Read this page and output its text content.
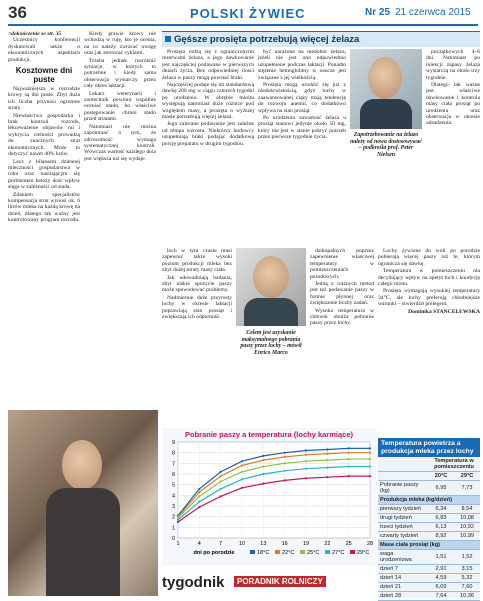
36	POLSKI ŻYWIEC	Nr 25 21 czerwca 2015
>dokończenie ze str. 35

Uczestnicy konferencji dyskutowali także o ekonomicznych aspektach produkcji.

Kosztowne dni puste

Najważniejsza w rozrodzie krowy są dni puste. Zbyt duża ich liczba przynosi ogromne straty.

Niewłaściwa gospodarka i brak kontroli rozrodu, lekceważenie objawów rui i wykrycia cielności prowadzą do znacznych strat ekonomicznych. Może to dotyczyć nawet 40% krów.

Lecz z bilansem dziennej mleczności gospodarstwa w roku oraz nasilającym się problemem ketozy dość wpływ sięga w zależności od stada.

Zdaniem specjalistów kompensacja strat wynosi ok. 6 litrów mleka na każdą krowę na dzień, dlatego tak ważny jest kontrolowany program rozrodu.

Kiedy prawie krowy nie wchodzą w ruję, kto je ocenia, na co należy zwracać uwagę oraz jak sterować cyklami.

Trzeba jednak rozróżnić sytuacje, w których to potrzebne i kiedy sama obserwacja wystarczy przez cały okres laktacji.

Lekarz weterynarii i zootechnik powinni wspólnie oceniać stado, bo właściwe postępowanie chroni stado przed stratami.

Natomiast nie można zapominać o tym, że zdrowotność wymaga systematycznej kontroli. Wówczas wartość każdego dnia jest większa niż się wydaje.

Gęśsze prosięta potrzebują więcej żelaza

Prosięta rodzą się z ograniczonymi rezerwami żelaza, a jego dawkowanie jest najczęściej podawane w pierwszych dniach życia. Bez odpowiedniej ilości żelaza w paszy mogą powstać braki.

Najczęściej podaje się im standardową dawkę 200 mg w ciągu czterech tygodni po urodzeniu. W obrębie mioitu występują natomiast duże różnice pod względem masy, a prosięta o wyższej masie potrzebują więcej żelaza.

Jego zalecane podawanie jest zależne od tempa wzrostu. Niektórzy hodowcy uzupełniają braki podając dodatkową porcję preparatu w drugim tygodniu.

być narażone na niedobór żelaza, jeżeli nie jest ono odpowiednio uzupełnione podczas laktacji. Ponadto stężenie hemoglobiny w osocze jest związane z jej wielkością.

Prosięta mogą urodzić się już z niedokrwistością, gdyż lochy w zaawansowanej ciąży mają tendencję do rozwoju anemii, co dodatkowo wpływa na stan prosiąt.

Po urodzeniu zawartość żelaza u prosiąt stanowi jedynie około 50 mg, który nie jest w stanie pokryć potrzeb przez pierwsze tygodnie życia.	Zapotrzebowanie na żelazo należy od nowa dostosowywać – podkreśla prof. Peter Nielsen

początkowych 4–6 dni. Natomiast po iniekcji zapasy żelaza wystarczą na około trzy tygodnie.

Dlatego tak ważne jest właściwe dawkowanie i kontrola masy ciała prosiąt po urodzeniu oraz obserwacja w okresie odsadzenia.

loch w tym czasie musi zapewnić także wysoki poziom produkcji mleka bez zbyt dużej utraty masy ciała.

Jak udowadniają badania, zbyt niskie spożycie paszy może spowodować problemy.

Nadmiernie duże przyrosty lochy w okresie laktacji poprawiają stan prosiąt i zwiększają ich odporność.

Celem jest uzyskanie maksymalnego pobrania paszy przez lochy – mówił Enrico Marco

dzikopalnych poprzez zapewnienie właściwej temperatury w pomieszczeniach porodowych.

Jedną z ważnych metod jest też podawanie paszy w formie płynnej oraz zwiększenie liczby zadań.

Wysoka temperatura w chlewni obniża pobranie paszy przez lochy.

Lochy żywione do woli po porodzie pobierają więcej paszy niż te, którym ogranicza się dawkę.

Temperatura w pomieszczeniu ma decydujący wpływ na apetyt loch i kondycję całego miotu.

Prosięta wymagają wysokiej temperatury 34°C, ale lochy preferują chłodniejsze warunki – stwierdził prelegent.

Dominika STANCELEWSKA

Pobranie paszy a temperatura (lochy karmiące)
0
1
2
3
4
5
6
7
8
9
1	4	7	10	13	16	19	22	25	28
dni po porodzie	18°C 22°C 25°C 27°C 29°C
Temperatura powietrza a produkcja mleka przez lochy
	Temperatura w pomieszczeniu	
	20°C	29°C
Pobranie paszy (kg)	6,95	7,73
Produkcja mleka (kg/dzień)		
pierwszy tydzień	6,34	8,54
drugi tydzień	6,83	10,08
trzeci tydzień	6,13	10,92
czwarty tydzień	8,92	10,99
Masa ciała prosiąt (kg)		
waga urodzeniowa	1,51	1,52
dzień 7	2,91	3,15
dzień 14	4,59	5,32
dzień 21	6,09	7,60
dzień 28	7,64	10,36
tygodnik	PORADNIK ROLNICZY
